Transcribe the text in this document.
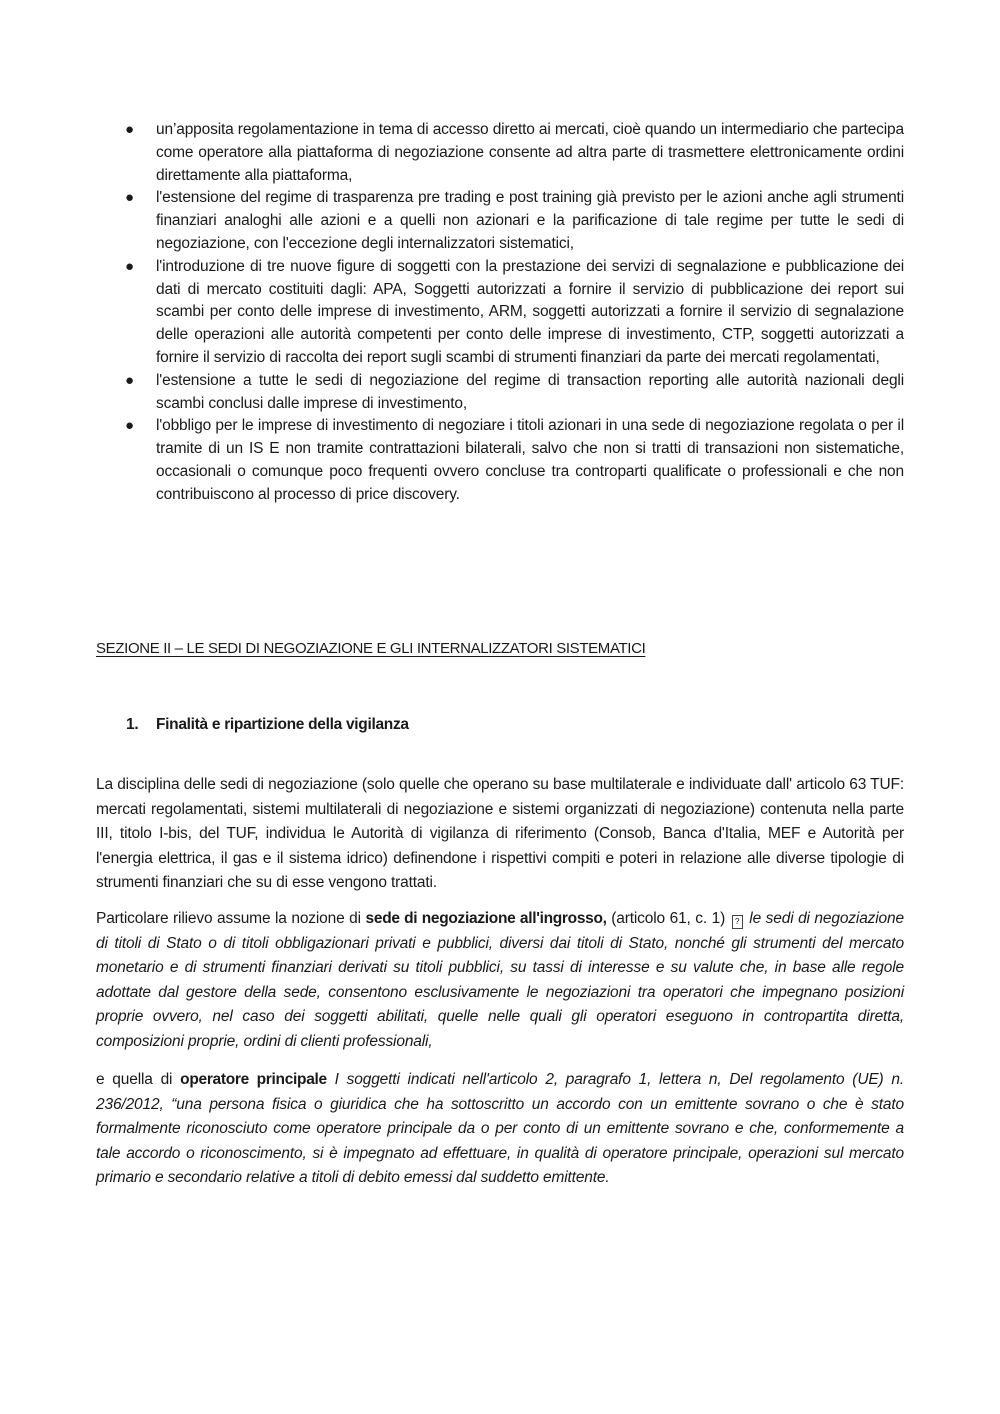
● un’apposita regolamentazione in tema di accesso diretto ai mercati, cioè quando un intermediario che partecipa come operatore alla piattaforma di negoziazione consente ad altra parte di trasmettere elettronicamente ordini direttamente alla piattaforma,
● l'estensione del regime di trasparenza pre trading e post training già previsto per le azioni anche agli strumenti finanziari analoghi alle azioni e a quelli non azionari e la parificazione di tale regime per tutte le sedi di negoziazione, con l'eccezione degli internalizzatori sistematici,
● l'introduzione di tre nuove figure di soggetti con la prestazione dei servizi di segnalazione e pubblicazione dei dati di mercato costituiti dagli: APA, Soggetti autorizzati a fornire il servizio di pubblicazione dei report sui scambi per conto delle imprese di investimento, ARM, soggetti autorizzati a fornire il servizio di segnalazione delle operazioni alle autorità competenti per conto delle imprese di investimento, CTP, soggetti autorizzati a fornire il servizio di raccolta dei report sugli scambi di strumenti finanziari da parte dei mercati regolamentati,
● l'estensione a tutte le sedi di negoziazione del regime di transaction reporting alle autorità nazionali degli scambi conclusi dalle imprese di investimento,
● l'obbligo per le imprese di investimento di negoziare i titoli azionari in una sede di negoziazione regolata o per il tramite di un IS E non tramite contrattazioni bilaterali, salvo che non si tratti di transazioni non sistematiche, occasionali o comunque poco frequenti ovvero concluse tra controparti qualificate o professionali e che non contribuiscono al processo di price discovery.
SEZIONE II – LE SEDI DI NEGOZIAZIONE E GLI INTERNALIZZATORI SISTEMATICI
1. Finalità e ripartizione della vigilanza

La disciplina delle sedi di negoziazione (solo quelle che operano su base multilaterale e individuate dall' articolo 63 TUF: mercati regolamentati, sistemi multilaterali di negoziazione e sistemi organizzati di negoziazione) contenuta nella parte III, titolo I-bis, del TUF, individua le Autorità di vigilanza di riferimento (Consob, Banca d'Italia, MEF e Autorità per l'energia elettrica, il gas e il sistema idrico) definendone i rispettivi compiti e poteri in relazione alle diverse tipologie di strumenti finanziari che su di esse vengono trattati.

Particolare rilievo assume la nozione di sede di negoziazione all'ingrosso, (articolo 61, c. 1) ? le sedi di negoziazione di titoli di Stato o di titoli obbligazionari privati e pubblici, diversi dai titoli di Stato, nonché gli strumenti del mercato monetario e di strumenti finanziari derivati su titoli pubblici, su tassi di interesse e su valute che, in base alle regole adottate dal gestore della sede, consentono esclusivamente le negoziazioni tra operatori che impegnano posizioni proprie ovvero, nel caso dei soggetti abilitati, quelle nelle quali gli operatori eseguono in contropartita diretta, composizioni proprie, ordini di clienti professionali,

e quella di operatore principale I soggetti indicati nell'articolo 2, paragrafo 1, lettera n, Del regolamento (UE) n. 236/2012, “una persona fisica o giuridica che ha sottoscritto un accordo con un emittente sovrano o che è stato formalmente riconosciuto come operatore principale da o per conto di un emittente sovrano e che, conformemente a tale accordo o riconoscimento, si è impegnato ad effettuare, in qualità di operatore principale, operazioni sul mercato primario e secondario relative a titoli di debito emessi dal suddetto emittente.
